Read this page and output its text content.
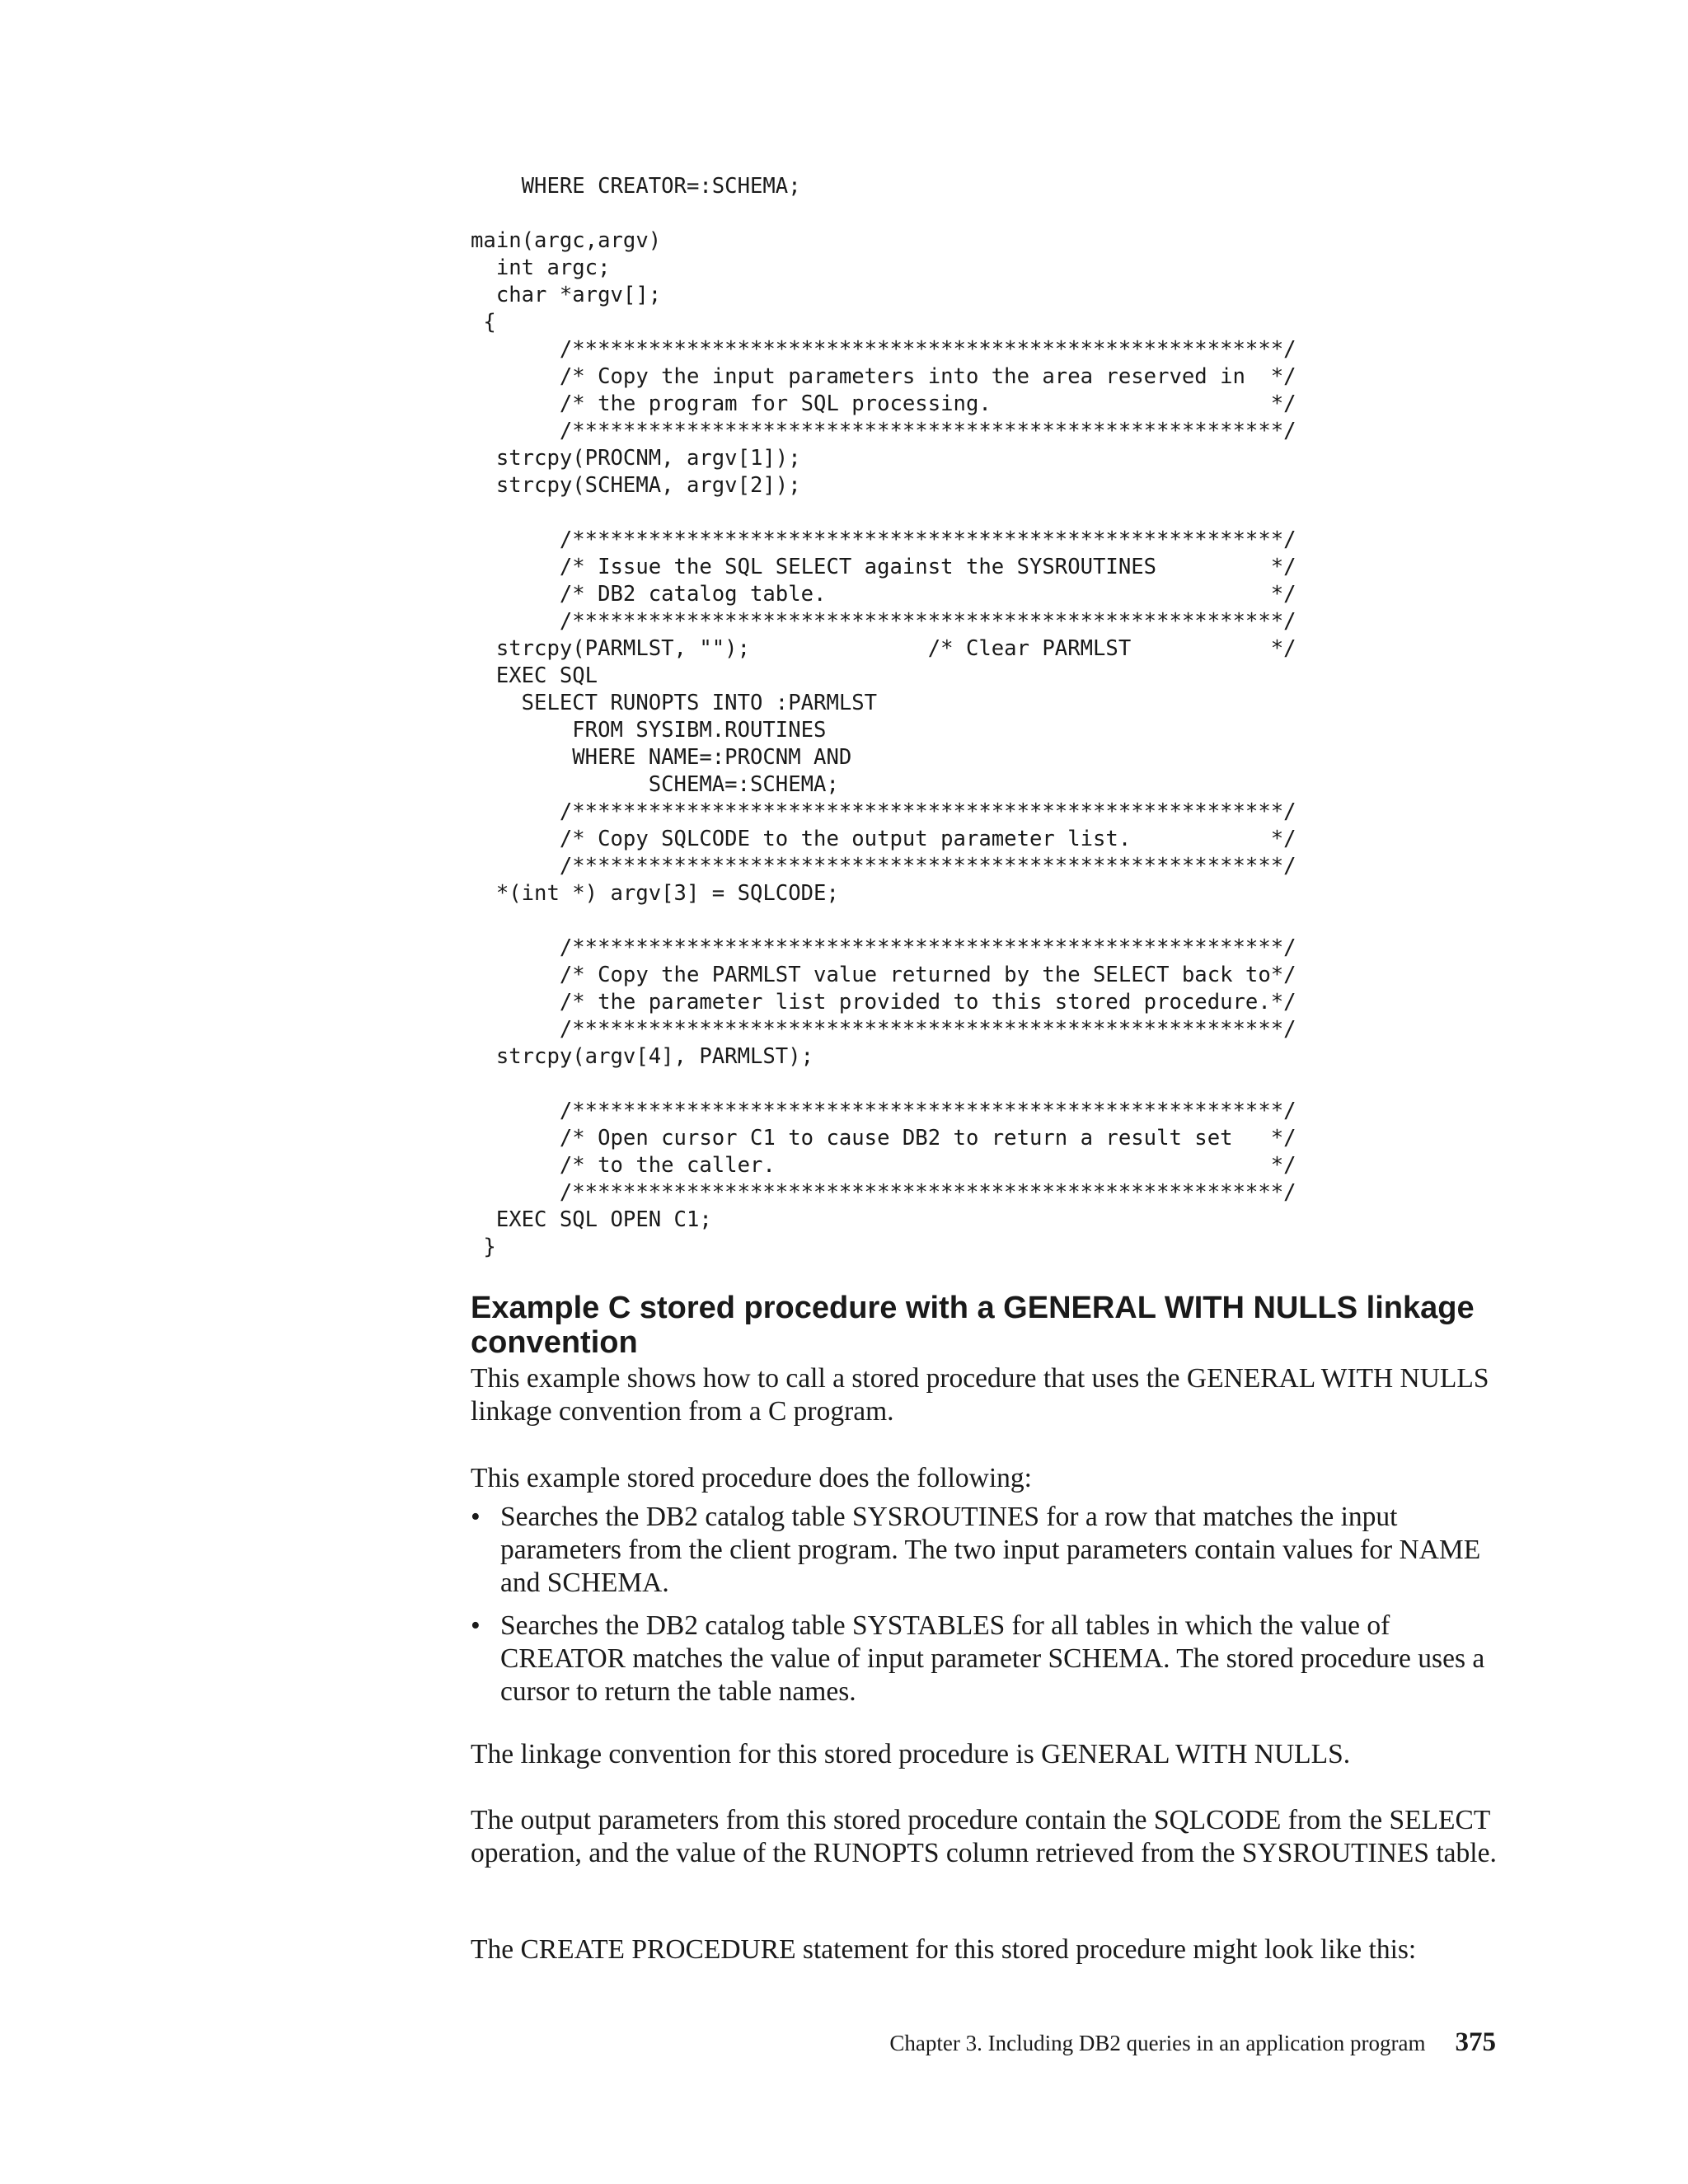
WHERE CREATOR=:SCHEMA;

main(argc,argv)
int argc;
char *argv[];
{
/********************************************************/
/* Copy the input parameters into the area reserved in  */
/* the program for SQL processing.                      */
/********************************************************/
strcpy(PROCNM, argv[1]);
strcpy(SCHEMA, argv[2]);

/********************************************************/
/* Issue the SQL SELECT against the SYSROUTINES         */
/* DB2 catalog table.                                   */
/********************************************************/
strcpy(PARMLST, "");              /* Clear PARMLST           */
EXEC SQL
SELECT RUNOPTS INTO :PARMLST
FROM SYSIBM.ROUTINES
WHERE NAME=:PROCNM AND
SCHEMA=:SCHEMA;
/********************************************************/
/* Copy SQLCODE to the output parameter list.           */
/********************************************************/
*(int *) argv[3] = SQLCODE;

/********************************************************/
/* Copy the PARMLST value returned by the SELECT back to*/
/* the parameter list provided to this stored procedure.*/
/********************************************************/
strcpy(argv[4], PARMLST);

/********************************************************/
/* Open cursor C1 to cause DB2 to return a result set   */
/* to the caller.                                       */
/********************************************************/
EXEC SQL OPEN C1;
}
Example C stored procedure with a GENERAL WITH NULLS linkage convention

This example shows how to call a stored procedure that uses the GENERAL WITH NULLS linkage convention from a C program.

This example stored procedure does the following:

• Searches the DB2 catalog table SYSROUTINES for a row that matches the input parameters from the client program. The two input parameters contain values for NAME and SCHEMA.
• Searches the DB2 catalog table SYSTABLES for all tables in which the value of CREATOR matches the value of input parameter SCHEMA. The stored procedure uses a cursor to return the table names.

The linkage convention for this stored procedure is GENERAL WITH NULLS.

The output parameters from this stored procedure contain the SQLCODE from the SELECT operation, and the value of the RUNOPTS column retrieved from the SYSROUTINES table.

The CREATE PROCEDURE statement for this stored procedure might look like this:

Chapter 3. Including DB2 queries in an application program 375
